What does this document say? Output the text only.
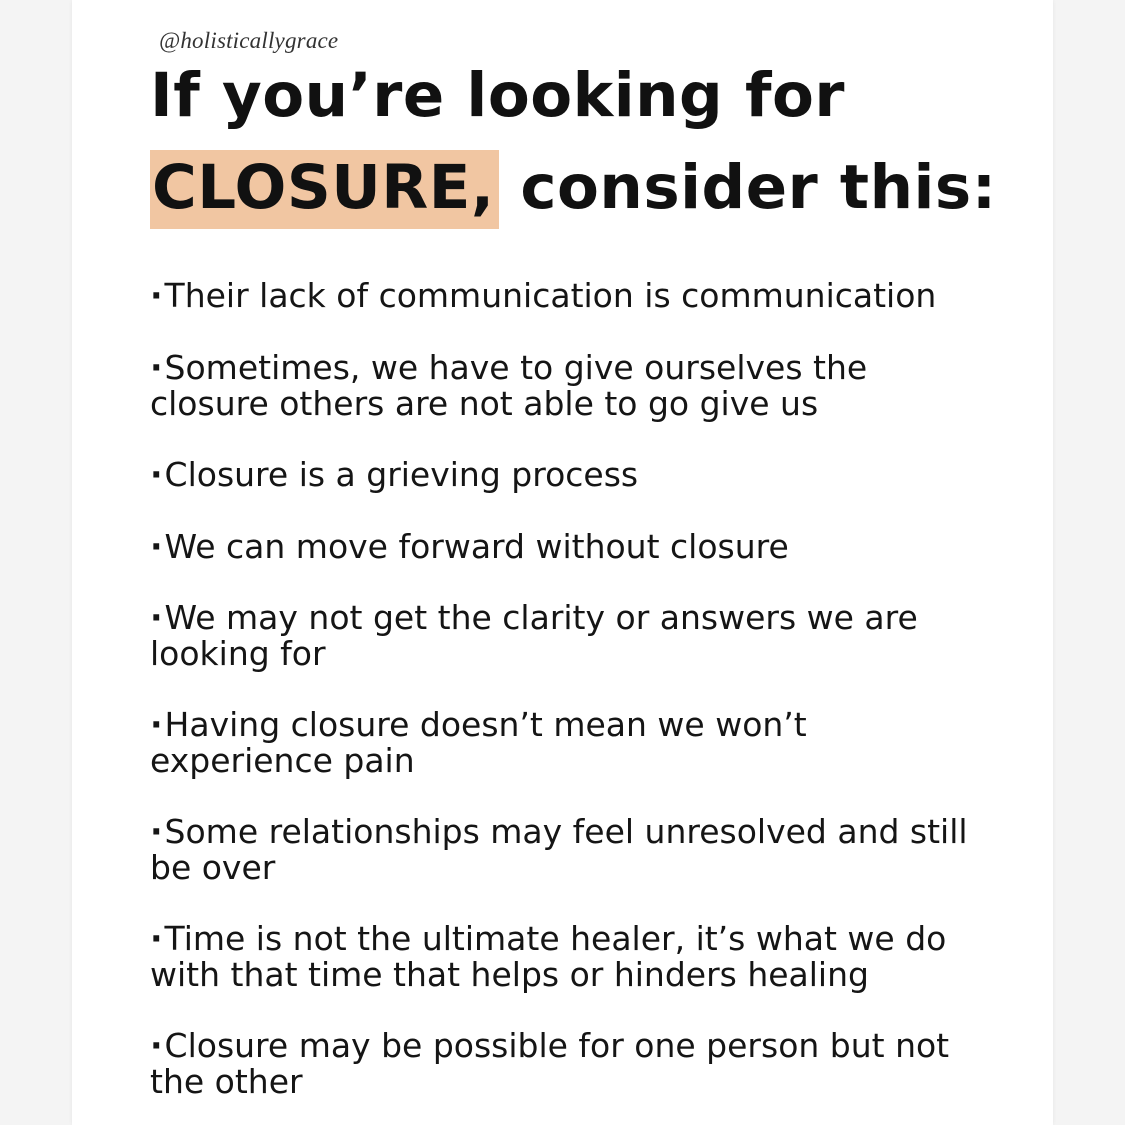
@holisticallygrace
If you’re looking for
CLOSURE, consider this:
·Their lack of communication is communication
·Sometimes, we have to give ourselves the closure others are not able to go give us
·Closure is a grieving process
·We can move forward without closure
·We may not get the clarity or answers we are looking for
·Having closure doesn’t mean we won’t experience pain
·Some relationships may feel unresolved and still be over
·Time is not the ultimate healer, it’s what we do with that time that helps or hinders healing
·Closure may be possible for one person but not the other
